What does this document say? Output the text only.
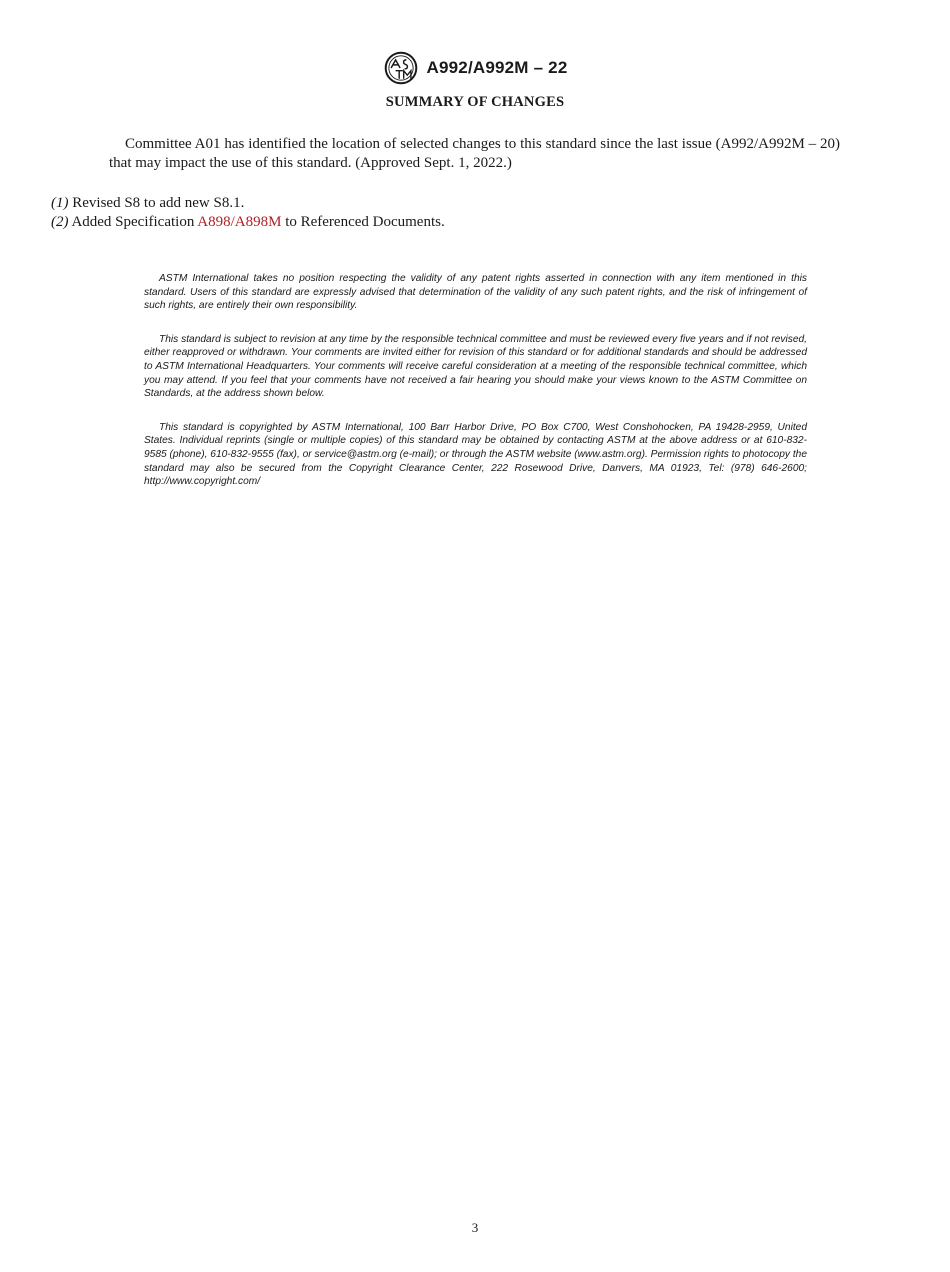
A992/A992M – 22
SUMMARY OF CHANGES

Committee A01 has identified the location of selected changes to this standard since the last issue (A992/A992M – 20) that may impact the use of this standard. (Approved Sept. 1, 2022.)

(1) Revised S8 to add new S8.1.

(2) Added Specification A898/A898M to Referenced Documents.

ASTM International takes no position respecting the validity of any patent rights asserted in connection with any item mentioned in this standard. Users of this standard are expressly advised that determination of the validity of any such patent rights, and the risk of infringement of such rights, are entirely their own responsibility.

This standard is subject to revision at any time by the responsible technical committee and must be reviewed every five years and if not revised, either reapproved or withdrawn. Your comments are invited either for revision of this standard or for additional standards and should be addressed to ASTM International Headquarters. Your comments will receive careful consideration at a meeting of the responsible technical committee, which you may attend. If you feel that your comments have not received a fair hearing you should make your views known to the ASTM Committee on Standards, at the address shown below.

This standard is copyrighted by ASTM International, 100 Barr Harbor Drive, PO Box C700, West Conshohocken, PA 19428-2959, United States. Individual reprints (single or multiple copies) of this standard may be obtained by contacting ASTM at the above address or at 610-832-9585 (phone), 610-832-9555 (fax), or service@astm.org (e-mail); or through the ASTM website (www.astm.org). Permission rights to photocopy the standard may also be secured from the Copyright Clearance Center, 222 Rosewood Drive, Danvers, MA 01923, Tel: (978) 646-2600; http://www.copyright.com/

3
